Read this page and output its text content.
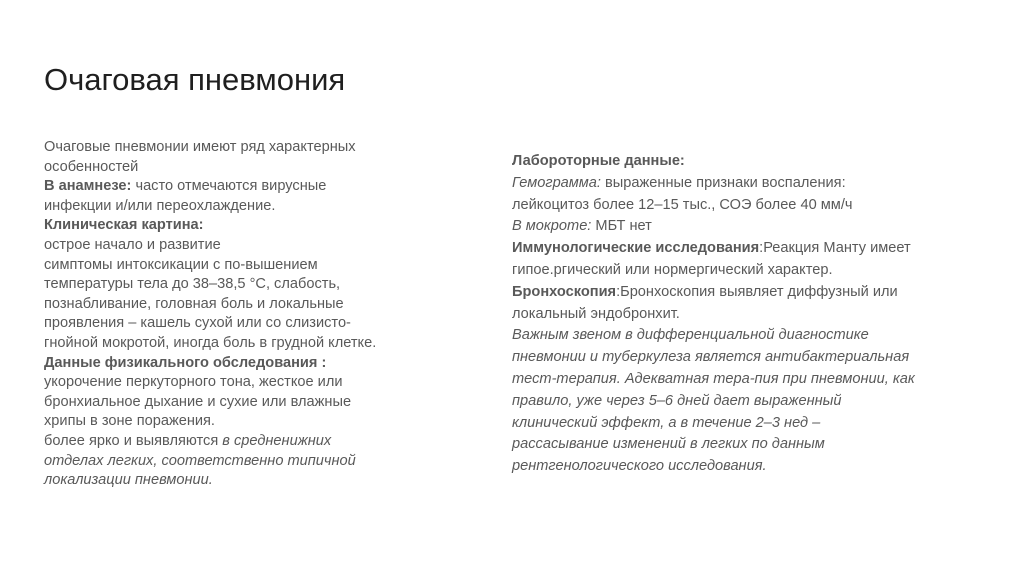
Очаговая пневмония
Очаговые пневмонии имеют ряд характерных
особенностей
В анамнезе: часто отмечаются вирусные
инфекции и/или переохлаждение.
Клиническая картина:
острое начало и развитие
симптомы интоксикации с по-вышением
температуры тела до 38–38,5 °С, слабость,
познабливание, головная боль и локальные
проявления – кашель сухой или со слизисто-
гнойной мокротой, иногда боль в грудной клетке.
Данные физикального обследования :
укорочение перкуторного тона, жесткое или
бронхиальное дыхание и сухие или влажные
хрипы в зоне поражения.
более ярко и выявляются в средненижних
отделах легких, соответственно типичной
локализации пневмонии.
Лабороторные данные:
Гемограмма: выраженные признаки воспаления:
лейкоцитоз более 12–15 тыс., СОЭ более 40 мм/ч
В мокроте: МБТ нет
Иммунологические исследования:Реакция Манту имеет
гипое.ргический или нормергический характер.
Бронхоскопия:Бронхоскопия выявляет диффузный или
локальный эндобронхит.
Важным звеном в дифференциальной диагностике
пневмонии и туберкулеза является антибактериальная
тест-терапия. Адекватная тера-пия при пневмонии, как
правило, уже через 5–6 дней дает выраженный
клинический эффект, а в течение 2–3 нед –
рассасывание изменений в легких по данным
рентгенологического исследования.
